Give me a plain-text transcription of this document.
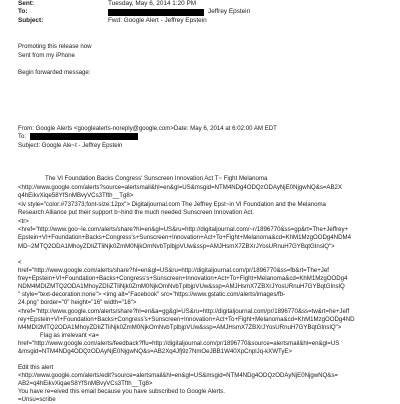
Sent:	Tuesday, May 6, 2014 1:20 PM
To:	Jeffrey Epstein
Subject:	Fwd: Google Alert - Jeffrey Epstein
Promoting this release now
Sent from my iPhone
Begin forwarded message:
From: Google Alerts <googlealerts-noreply@google.com>Date: May 6, 2014 at 6:02:00 AM EDT
To:
Subject: Google Ale~t - Jeffrey Epstein
The VI Foundation Backs Congress' Sunscreen Innovation Act T~ Fight Melanoma
<http://www.google.com/alerts?source=alertsmail&hl=en&gl=US&msgid=NTM4NDg4ODQzODAyNjE0NjgwNQ&s=AB2X
q4hEikvXiqe58YfSnMBvyVCs3Tfth__Tg8>
<iv style="color:#737373;font-size:12px"> Digitaljournal.com The Jeffrey Epst~in VI Foundation and the Melanoma
Research Alliance put their support b~hind the much needed Sunscreen Innovation Act.
<tr>
<href="http://www.goo~le.com/alerts/share?hl=en&gl=US&ru=http://digitaljournal.com/~r/1896770&ss=gp&rt=The+Jeffrey+
Epstein+VI+Foundation+Backs+Congress's+Sunscreen+Innovation+Act+To+Fight+Melanoma&cd=KhM1MzgOODg4NDM4
MD~2MTQ2ODA1MhoyZDIiZTliNjk0ZmM0NjkOmNvbTplbjpVUw&ssp=AMJHsmX7ZBXrJYosURnuH7GYBqtGInslQ">
<
href="http://www.google.com/alerts/share?hl=en&gl=US&ru=http://digitaljournal.com/pr/1896770&ss=fb&rt=The+Jef
frey+Epstein+VI+Foundation+Backs+Congress's+Sunscreen+Innovation+Act+To+Fight+Melanoma&cd=KhM1MzgOODg4
NDM4MDIZMTQ2ODA1MhoyZDIiZTliNjk0ZmM0NjkOmNvbTplbjpVUw&ssp=AMJHsmX7ZBXrJYosURnuH7GYBqtGInslQ
" style="text-decoration:none"> <img alt="Facebook" src="https://www.gstatic.com/alerts/images/fb-
24.png" border="0" height="16" width="16">
<href="http://www.google.com/alerts/share?hl=en&a=gg&gl=US&ru=http://digitaljournal.com/pr/1896770&ss=tw&rt=he+Jeff
rey+Epstein+VI+Foundation+Backs+Congress's+Sunscreen+Innovation+Act+To+Fight+Melanoma&cd=KhM1MzgOODg4ND
M4MDI2MTQ2ODA1MhoyZDIiZTliNjk0ZmM0NjkOmNvbTplbjpVUw&ssp=AMJHsmX7ZBXrJYosURnuH7GYBqtGInslQ">
Flag as irrelevant <a=
href="http://www.google.com/alerts/feedback?ffu=http://digitaljournal.com/pr/1896770&source=alertsmail&hl=en&gl=US
&msgid=NTM4NDg4ODQzODAyNjE0NjgwNQ&s=AB2Xq4Jfj9z7NmOeJBB1W40XpCnplJq-kXWTyE>
Edit this alert
<http://www.google.com/alerts/edit?source=alertsmail&hl=en&gl=US&msgid=NTM4NDg4ODQzODAyNjE0NjgwNQ&s=
AB2=q4hEikvXiqaeS8YfSnMBvyVCs3Tfth__Tg8>
You have re=eived this email because you have subscribed to Google Alerts.
=Unsu=scribe
